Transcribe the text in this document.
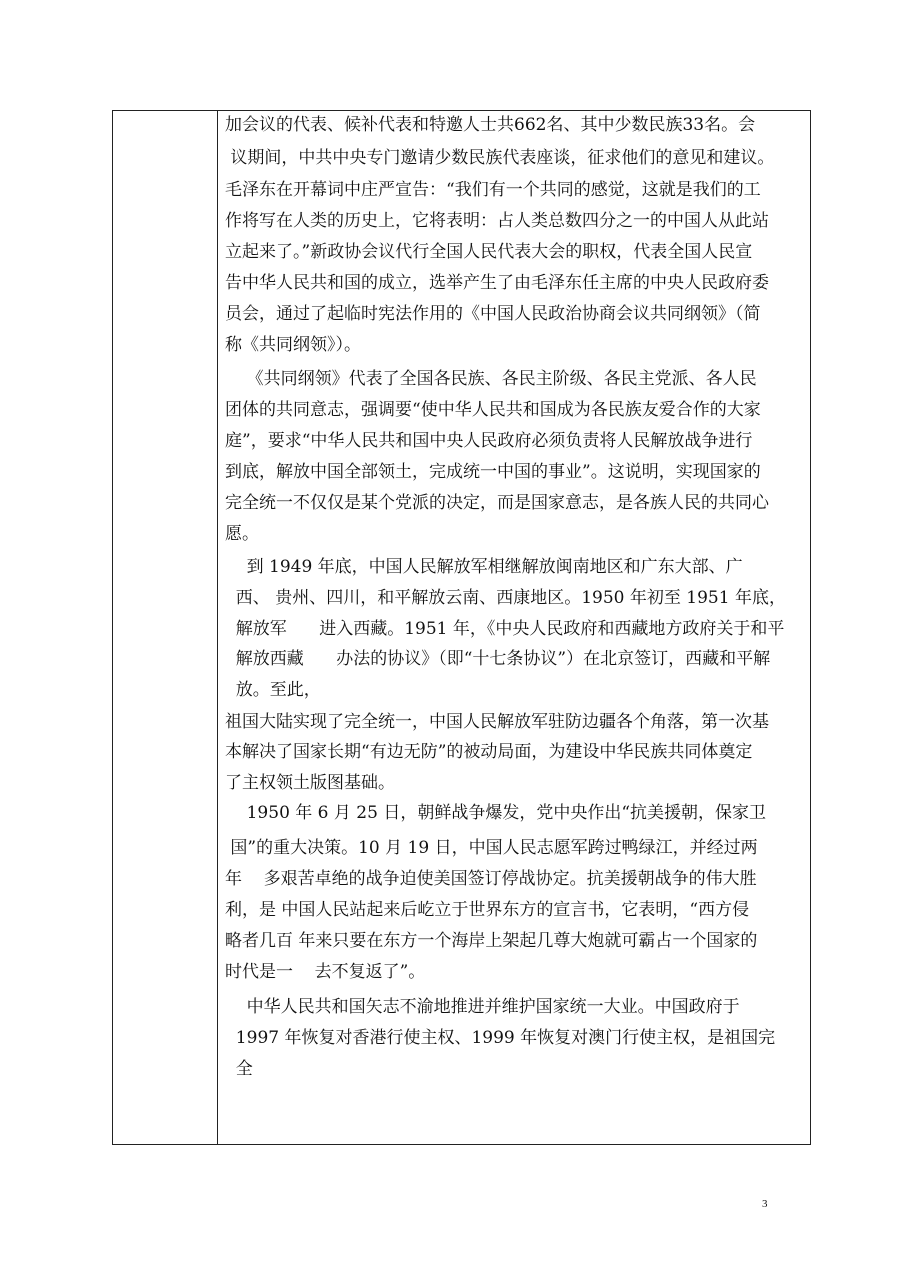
加会议的代表、候补代表和特邀人士共662名、其中少数民族33名。会
议期间，中共中央专门邀请少数民族代表座谈，征求他们的意见和建议。
毛泽东在开幕词中庄严宣告：“我们有一个共同的感觉，这就是我们的工
作将写在人类的历史上，它将表明：占人类总数四分之一的中国人从此站
立起来了。”新政协会议代行全国人民代表大会的职权，代表全国人民宣
告中华人民共和国的成立，选举产生了由毛泽东任主席的中央人民政府委
员会，通过了起临时宪法作用的《中国人民政治协商会议共同纲领》（简
称《共同纲领》）。
《共同纲领》代表了全国各民族、各民主阶级、各民主党派、各人民
团体的共同意志，强调要“使中华人民共和国成为各民族友爱合作的大家
庭”，要求“中华人民共和国中央人民政府必须负责将人民解放战争进行
到底，解放中国全部领土，完成统一中国的事业”。这说明，实现国家的
完全统一不仅仅是某个党派的决定，而是国家意志，是各族人民的共同心
愿。
到 1949 年底，中国人民解放军相继解放闽南地区和广东大部、广
西、 贵州、四川，和平解放云南、西康地区。1950 年初至 1951 年底，
解放军      进入西藏。1951 年，《中央人民政府和西藏地方政府关于和平
解放西藏      办法的协议》（即“十七条协议”）在北京签订，西藏和平解
放。至此，
祖国大陆实现了完全统一，中国人民解放军驻防边疆各个角落，第一次基
本解决了国家长期“有边无防”的被动局面，为建设中华民族共同体奠定
了主权领土版图基础。
1950 年 6 月 25 日，朝鲜战争爆发，党中央作出“抗美援朝，保家卫
国”的重大决策。10 月 19 日，中国人民志愿军跨过鸭绿江，并经过两
年    多艰苦卓绝的战争迫使美国签订停战协定。抗美援朝战争的伟大胜
利，是 中国人民站起来后屹立于世界东方的宣言书，它表明，“西方侵
略者几百 年来只要在东方一个海岸上架起几尊大炮就可霸占一个国家的
时代是一    去不复返了”。
中华人民共和国矢志不渝地推进并维护国家统一大业。中国政府于
1997 年恢复对香港行使主权、1999 年恢复对澳门行使主权，是祖国完
全
3
